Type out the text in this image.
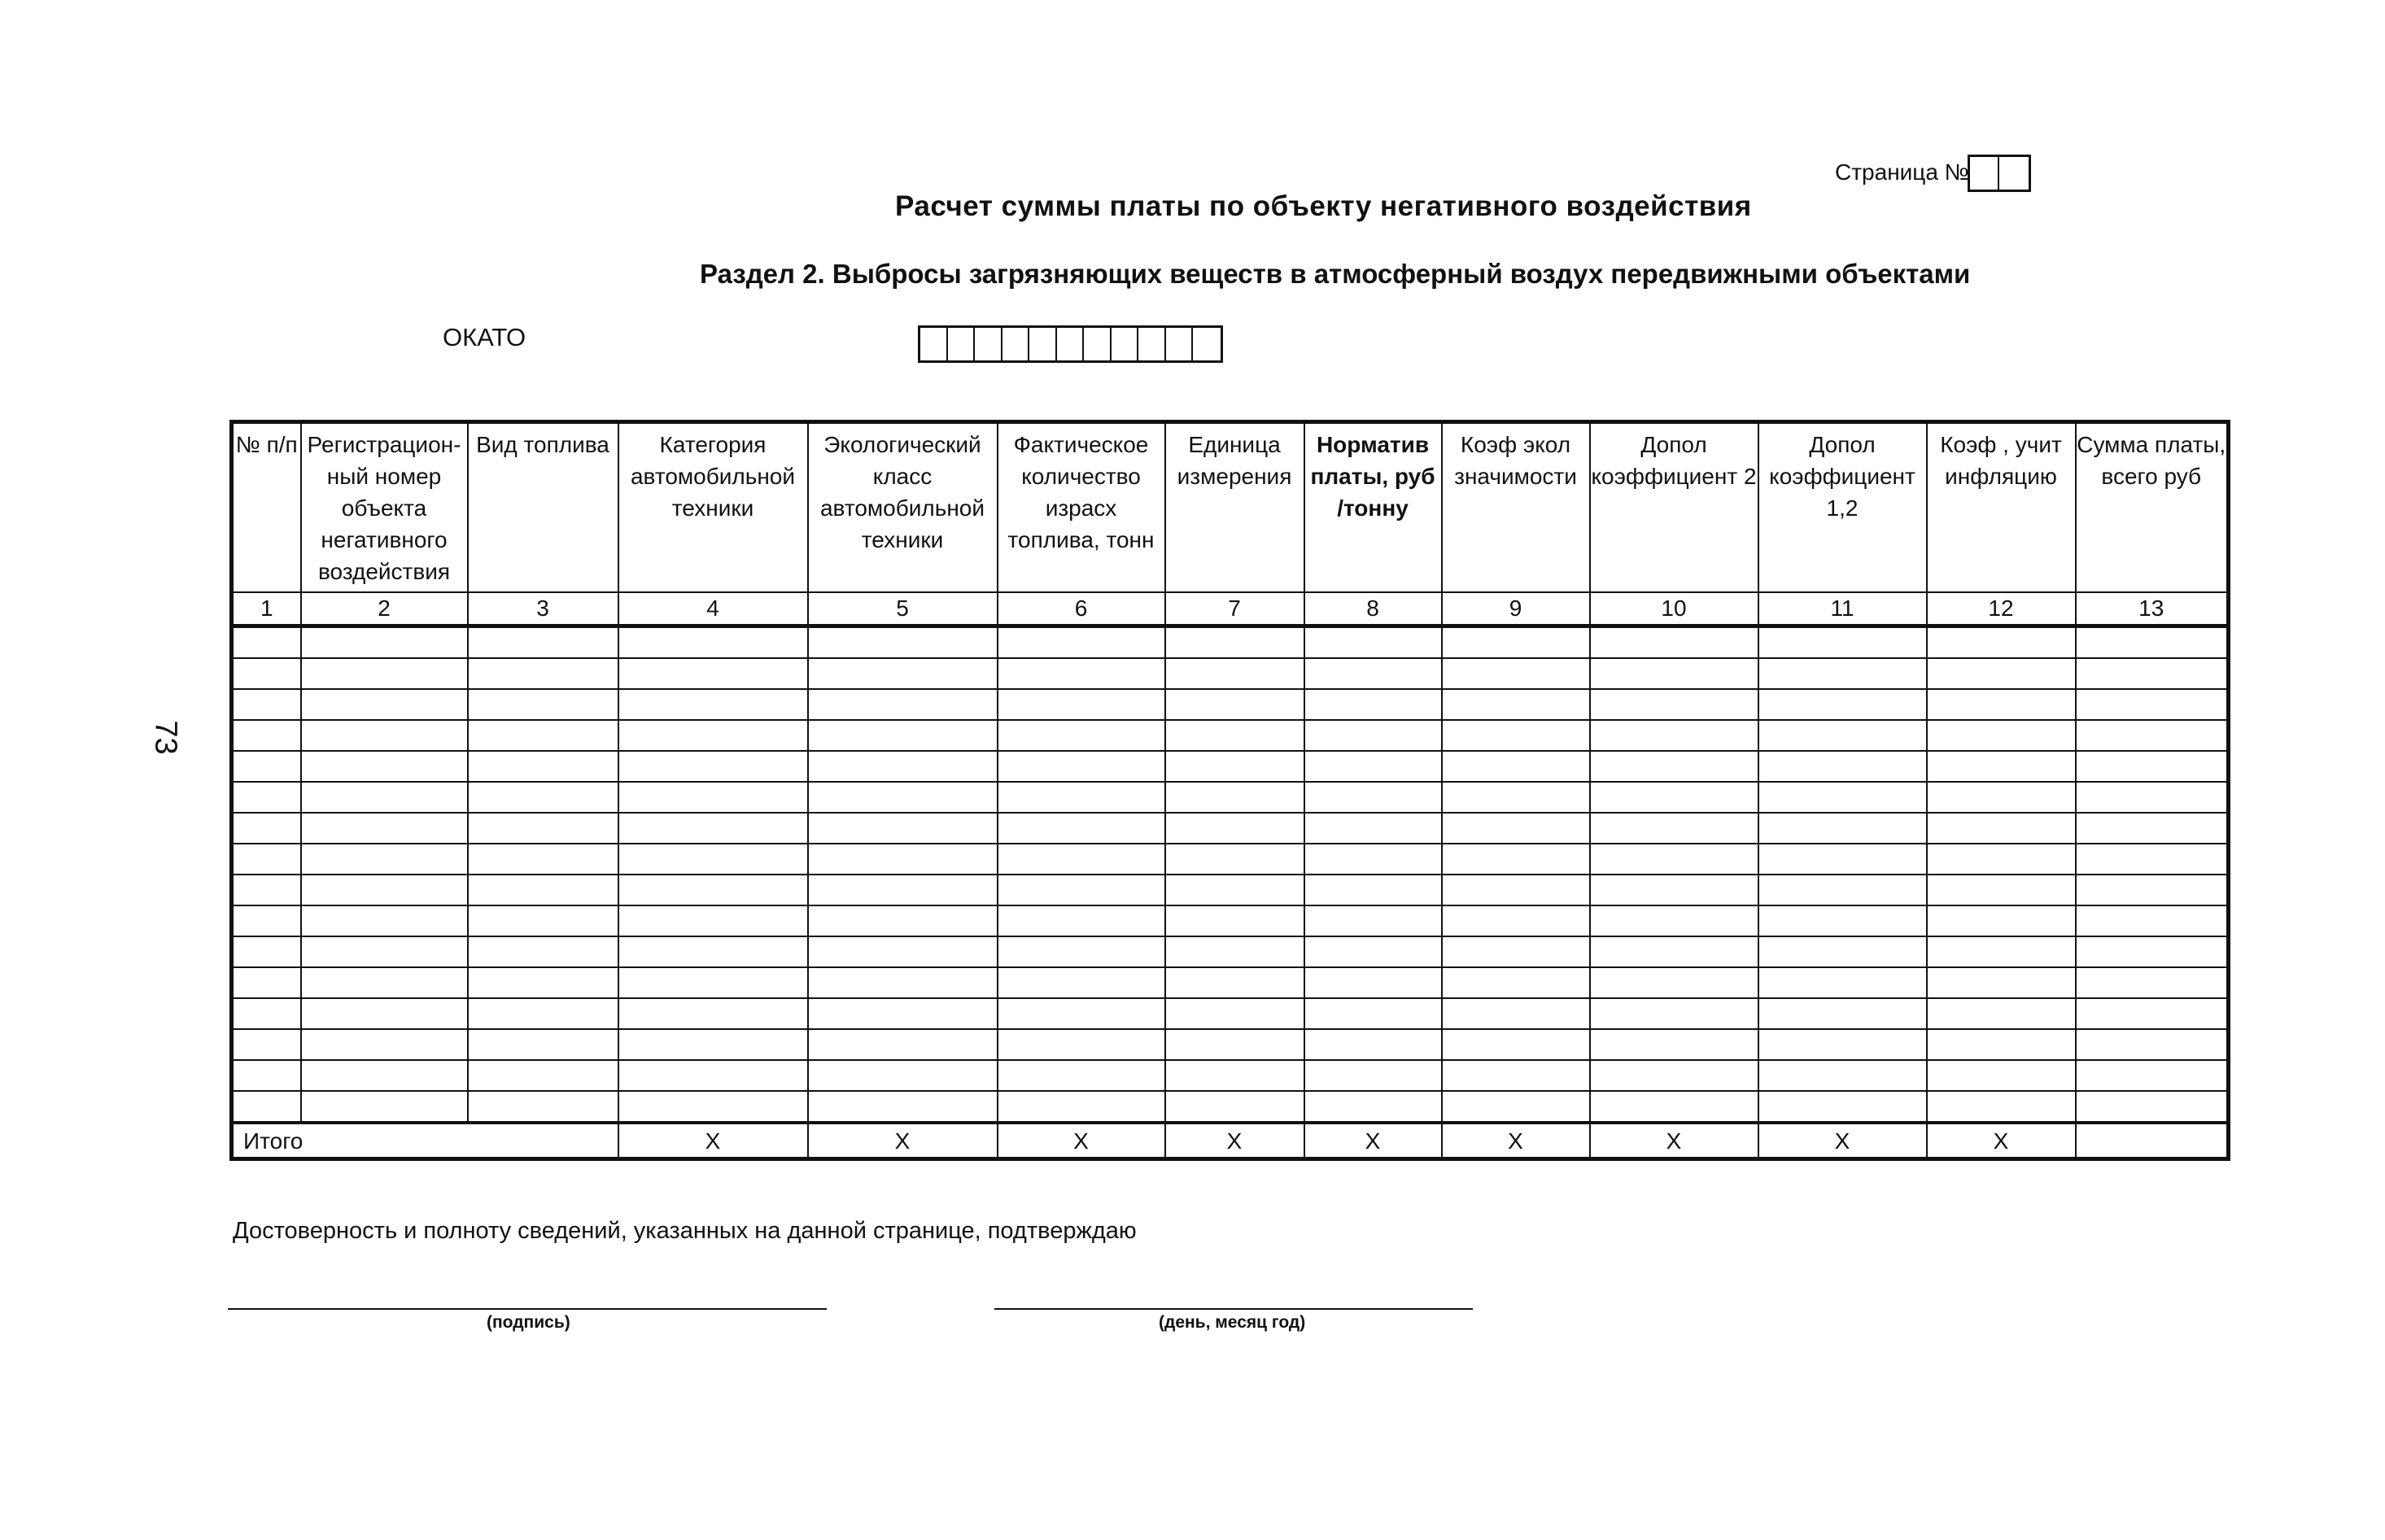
Страница №
Расчет суммы платы по объекту негативного воздействия
Раздел 2. Выбросы загрязняющих веществ в атмосферный воздух передвижными объектами
ОКАТО
73
№ п/п	Регистрацион-ный номер объекта негативного воздействия	Вид топлива	Категория автомобильной техники	Экологический класс автомобильной техники	Фактическое количество израсх топлива, тонн	Единица измерения	Норматив платы, руб /тонну	Коэф экол значимости	Допол коэффициент 2	Допол коэффициент 1,2	Коэф , учит инфляцию	Сумма платы, всего руб
1	2	3	4	5	6	7	8	9	10	11	12	13

Итого			X	X	X	X	X	X	X	X	X	
Достоверность и полноту сведений, указанных на данной странице, подтверждаю
(подпись)	(день, месяц год)
